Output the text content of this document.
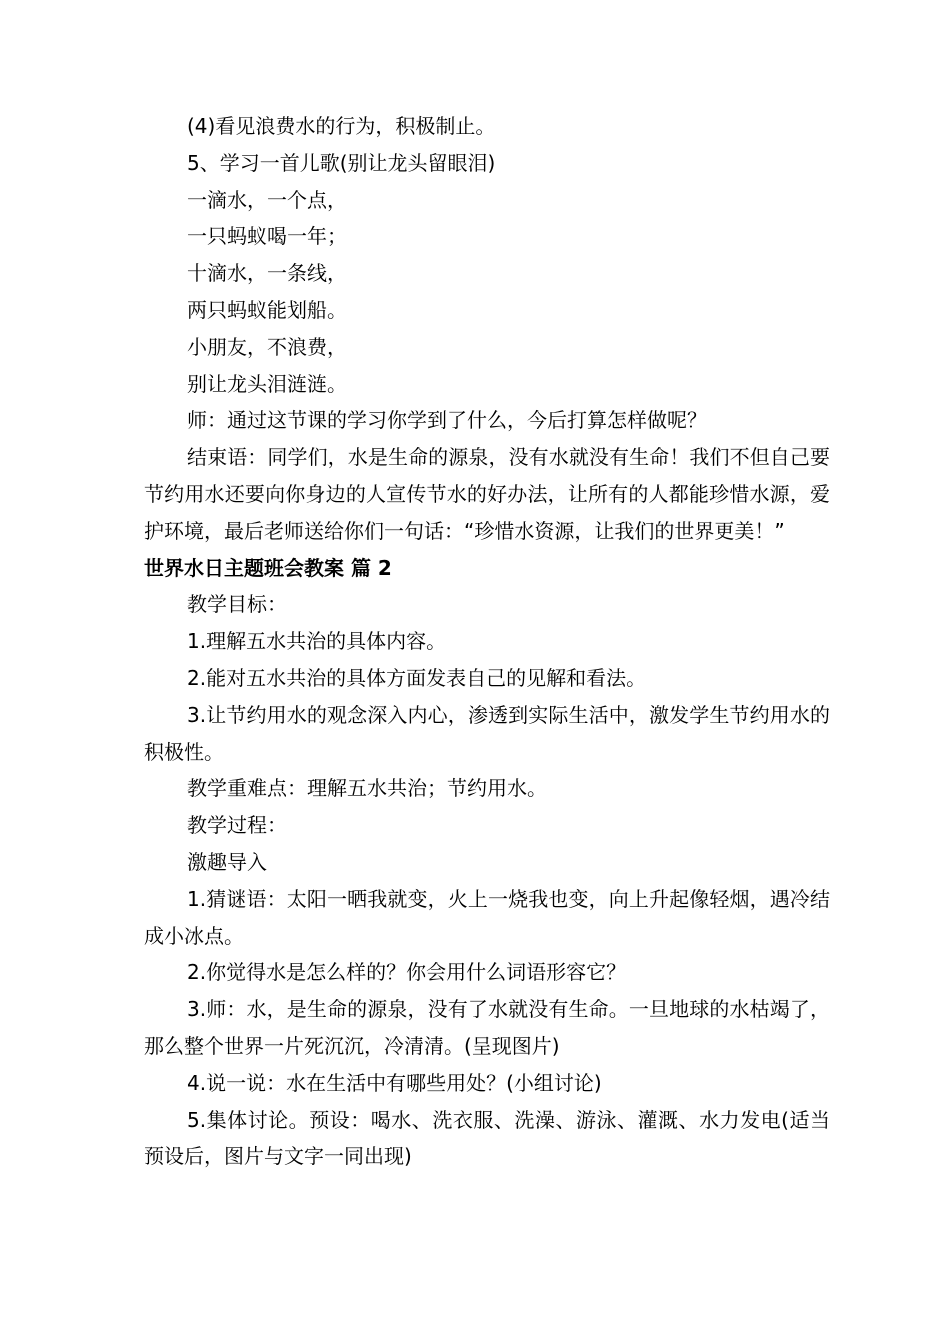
(4)看见浪费水的行为，积极制止。

5、学习一首儿歌(别让龙头留眼泪)

一滴水，一个点，

一只蚂蚁喝一年；

十滴水，一条线，

两只蚂蚁能划船。

小朋友，不浪费，

别让龙头泪涟涟。

师：通过这节课的学习你学到了什么，今后打算怎样做呢？

结束语：同学们，水是生命的源泉，没有水就没有生命！我们不但自己要节约用水还要向你身边的人宣传节水的好办法，让所有的人都能珍惜水源，爱护环境，最后老师送给你们一句话：“珍惜水资源，让我们的世界更美！”

世界水日主题班会教案 篇 2

教学目标：

1.理解五水共治的具体内容。

2.能对五水共治的具体方面发表自己的见解和看法。

3.让节约用水的观念深入内心，渗透到实际生活中，激发学生节约用水的积极性。

教学重难点：理解五水共治；节约用水。

教学过程：

激趣导入

1.猜谜语：太阳一晒我就变，火上一烧我也变，向上升起像轻烟，遇冷结成小冰点。

2.你觉得水是怎么样的？你会用什么词语形容它？

3.师：水，是生命的源泉，没有了水就没有生命。一旦地球的水枯竭了，那么整个世界一片死沉沉，冷清清。(呈现图片)

4.说一说：水在生活中有哪些用处？(小组讨论)

5.集体讨论。预设：喝水、洗衣服、洗澡、游泳、灌溉、水力发电(适当预设后，图片与文字一同出现)
